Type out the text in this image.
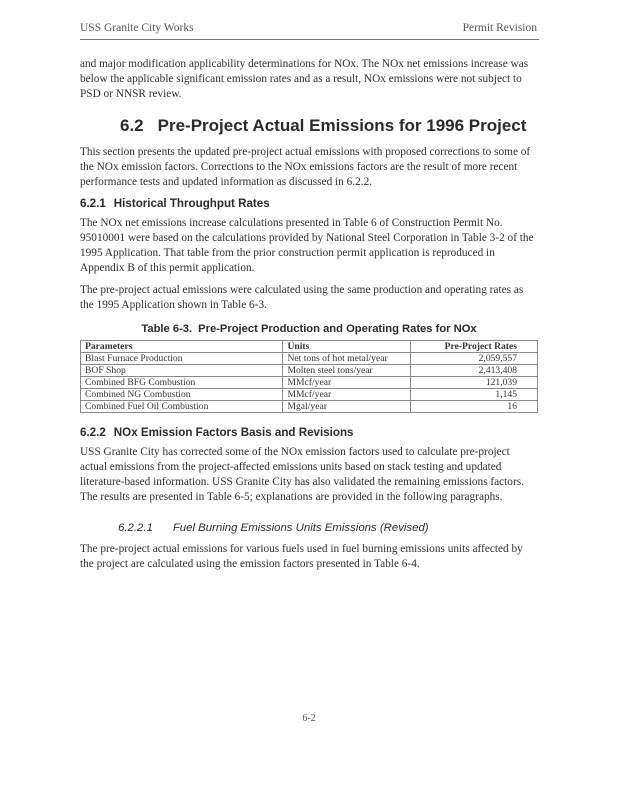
USS Granite City Works	Permit Revision
and major modification applicability determinations for NOx. The NOx net emissions increase was below the applicable significant emission rates and as a result, NOx emissions were not subject to PSD or NNSR review.
6.2 Pre-Project Actual Emissions for 1996 Project
This section presents the updated pre-project actual emissions with proposed corrections to some of the NOx emission factors. Corrections to the NOx emissions factors are the result of more recent performance tests and updated information as discussed in 6.2.2.
6.2.1 Historical Throughput Rates
The NOx net emissions increase calculations presented in Table 6 of Construction Permit No. 95010001 were based on the calculations provided by National Steel Corporation in Table 3-2 of the 1995 Application. That table from the prior construction permit application is reproduced in Appendix B of this permit application.
The pre-project actual emissions were calculated using the same production and operating rates as the 1995 Application shown in Table 6-3.
Table 6-3. Pre-Project Production and Operating Rates for NOx
Parameters	Units	Pre-Project Rates
Blast Furnace Production	Net tons of hot metal/year	2,059,557
BOF Shop	Molten steel tons/year	2,413,408
Combined BFG Combustion	MMcf/year	121,039
Combined NG Combustion	MMcf/year	1,145
Combined Fuel Oil Combustion	Mgal/year	16
6.2.2 NOx Emission Factors Basis and Revisions
USS Granite City has corrected some of the NOx emission factors used to calculate pre-project actual emissions from the project-affected emissions units based on stack testing and updated literature-based information. USS Granite City has also validated the remaining emissions factors. The results are presented in Table 6-5; explanations are provided in the following paragraphs.
6.2.2.1 Fuel Burning Emissions Units Emissions (Revised)
The pre-project actual emissions for various fuels used in fuel burning emissions units affected by the project are calculated using the emission factors presented in Table 6-4.
6-2
